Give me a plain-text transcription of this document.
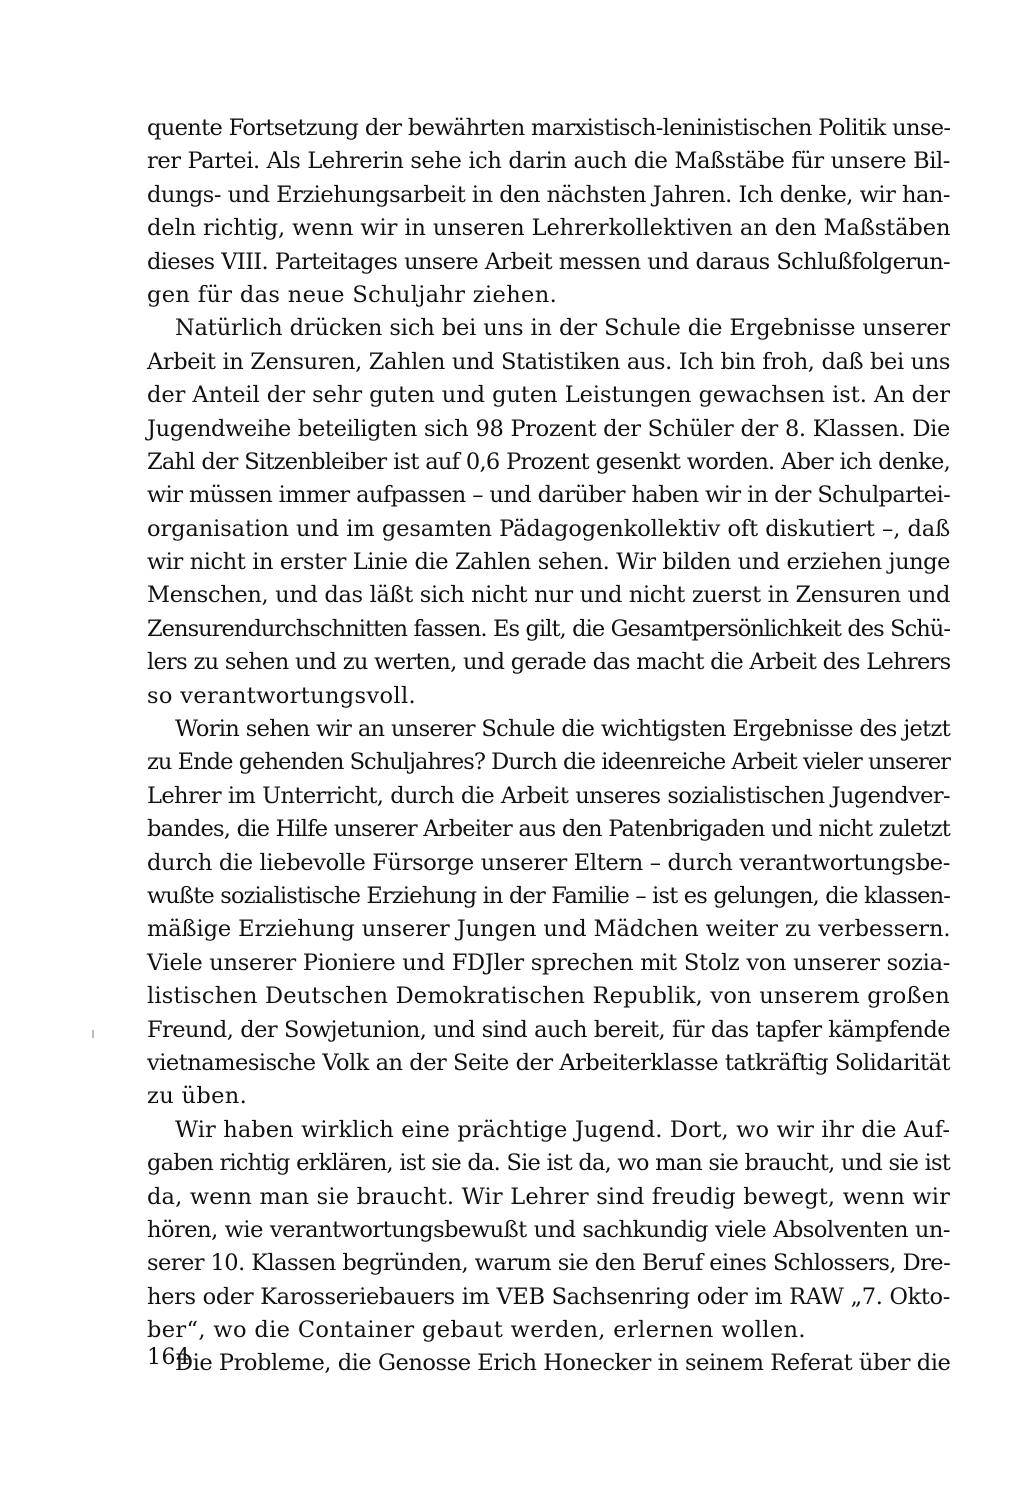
quente Fortsetzung der bewährten marxistisch-leninistischen Politik unse-
rer Partei. Als Lehrerin sehe ich darin auch die Maßstäbe für unsere Bil-
dungs- und Erziehungsarbeit in den nächsten Jahren. Ich denke, wir han-
deln richtig, wenn wir in unseren Lehrerkollektiven an den Maßstäben
dieses VIII. Parteitages unsere Arbeit messen und daraus Schlußfolgerun-
gen für das neue Schuljahr ziehen.
Natürlich drücken sich bei uns in der Schule die Ergebnisse unserer
Arbeit in Zensuren, Zahlen und Statistiken aus. Ich bin froh, daß bei uns
der Anteil der sehr guten und guten Leistungen gewachsen ist. An der
Jugendweihe beteiligten sich 98 Prozent der Schüler der 8. Klassen. Die
Zahl der Sitzenbleiber ist auf 0,6 Prozent gesenkt worden. Aber ich denke,
wir müssen immer aufpassen – und darüber haben wir in der Schulpartei-
organisation und im gesamten Pädagogenkollektiv oft diskutiert –, daß
wir nicht in erster Linie die Zahlen sehen. Wir bilden und erziehen junge
Menschen, und das läßt sich nicht nur und nicht zuerst in Zensuren und
Zensurendurchschnitten fassen. Es gilt, die Gesamtpersönlichkeit des Schü-
lers zu sehen und zu werten, und gerade das macht die Arbeit des Lehrers
so verantwortungsvoll.
Worin sehen wir an unserer Schule die wichtigsten Ergebnisse des jetzt
zu Ende gehenden Schuljahres? Durch die ideenreiche Arbeit vieler unserer
Lehrer im Unterricht, durch die Arbeit unseres sozialistischen Jugendver-
bandes, die Hilfe unserer Arbeiter aus den Patenbrigaden und nicht zuletzt
durch die liebevolle Fürsorge unserer Eltern – durch verantwortungsbe-
wußte sozialistische Erziehung in der Familie – ist es gelungen, die klassen-
mäßige Erziehung unserer Jungen und Mädchen weiter zu verbessern.
Viele unserer Pioniere und FDJler sprechen mit Stolz von unserer sozia-
listischen Deutschen Demokratischen Republik, von unserem großen
Freund, der Sowjetunion, und sind auch bereit, für das tapfer kämpfende
vietnamesische Volk an der Seite der Arbeiterklasse tatkräftig Solidarität
zu üben.
Wir haben wirklich eine prächtige Jugend. Dort, wo wir ihr die Auf-
gaben richtig erklären, ist sie da. Sie ist da, wo man sie braucht, und sie ist
da, wenn man sie braucht. Wir Lehrer sind freudig bewegt, wenn wir
hören, wie verantwortungsbewußt und sachkundig viele Absolventen un-
serer 10. Klassen begründen, warum sie den Beruf eines Schlossers, Dre-
hers oder Karosseriebauers im VEB Sachsenring oder im RAW „7. Okto-
ber“, wo die Container gebaut werden, erlernen wollen.
Die Probleme, die Genosse Erich Honecker in seinem Referat über die
164
